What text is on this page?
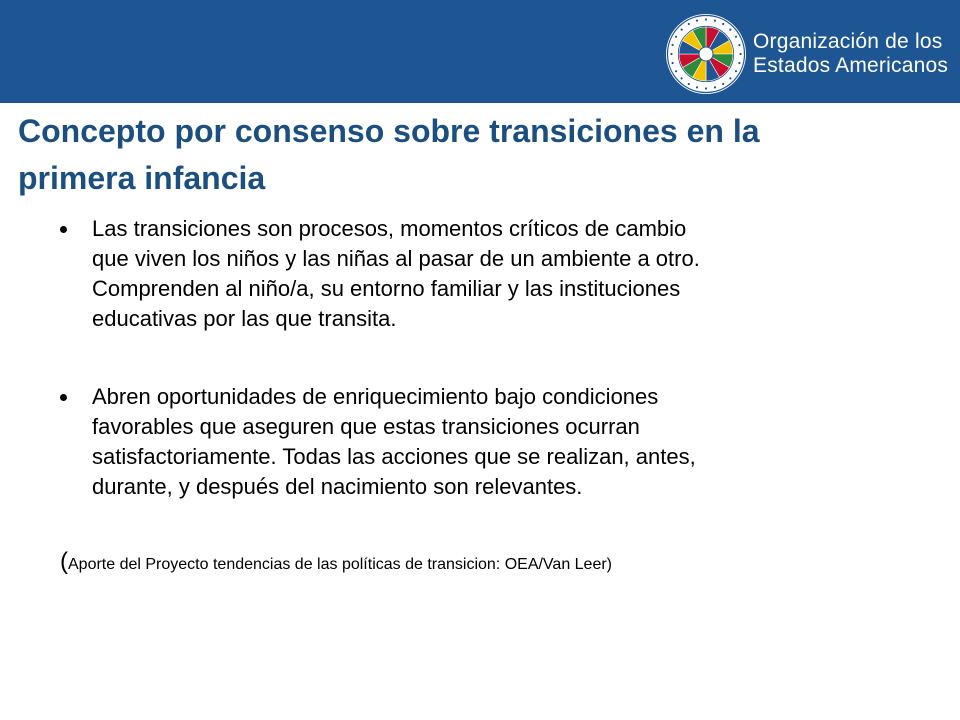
Organización de los
Estados Americanos
Concepto por consenso sobre transiciones en la
primera infancia
Las transiciones son procesos, momentos críticos de cambio
que viven los niños y las niñas al pasar de un ambiente a otro.
Comprenden al niño/a, su entorno familiar y las instituciones
educativas por las que transita.
Abren oportunidades de enriquecimiento bajo condiciones
favorables que aseguren que estas transiciones ocurran
satisfactoriamente. Todas las acciones que se realizan, antes,
durante, y después del nacimiento son relevantes.

(Aporte del Proyecto tendencias de las políticas de transicion: OEA/Van Leer)
